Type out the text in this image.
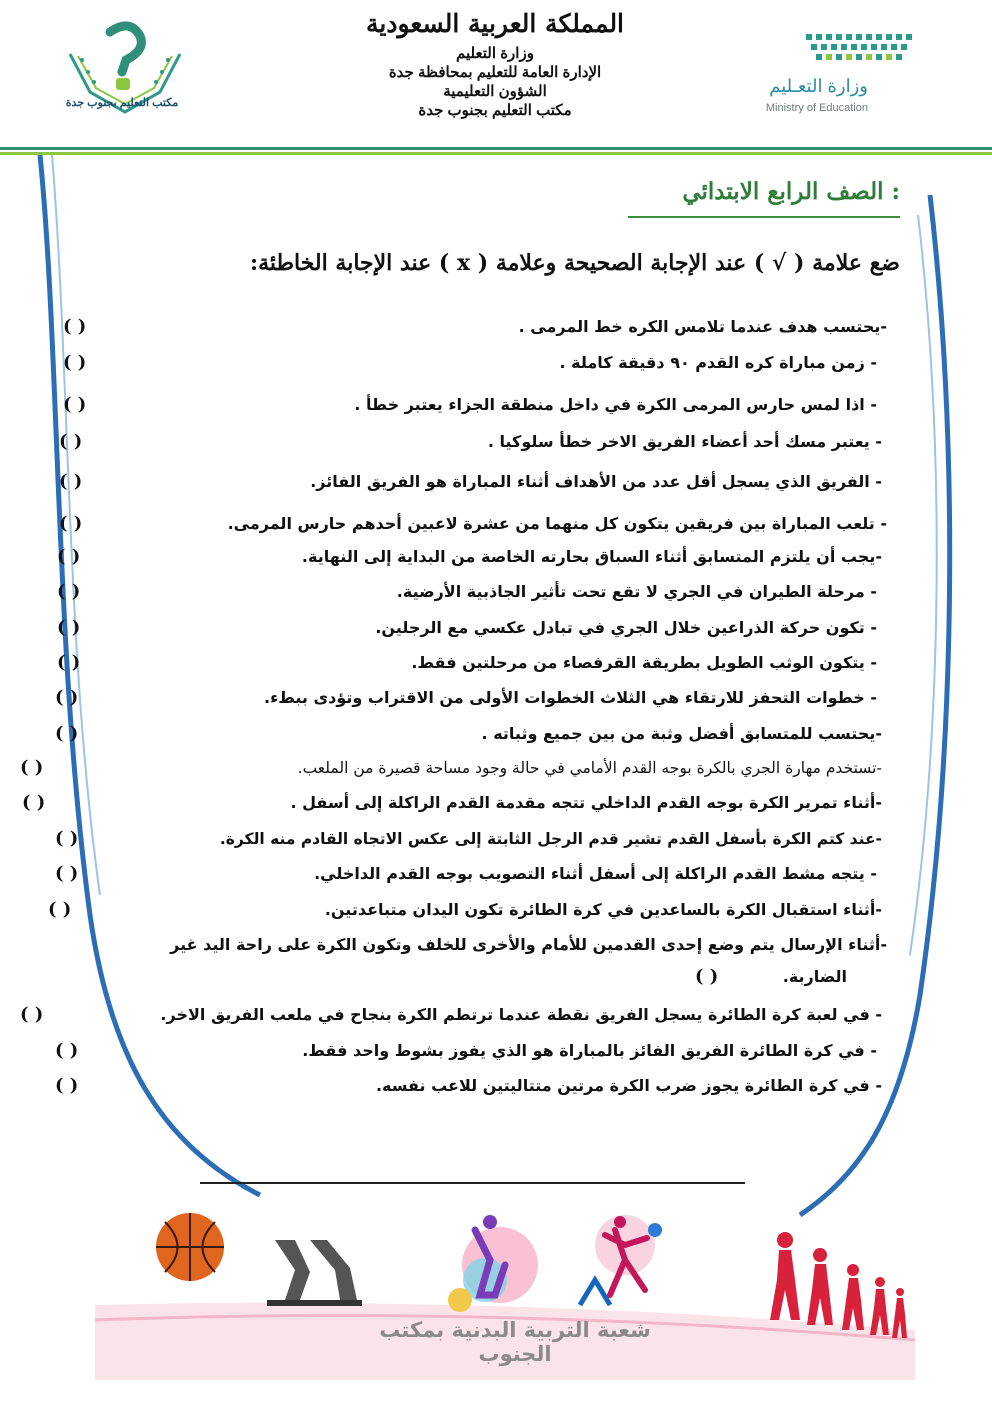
المملكة العربية السعودية
وزارة التعليم
الإدارة العامة للتعليم بمحافظة جدة
الشؤون التعليمية
مكتب التعليم بجنوب جدة
مكتب التعليم بجنوب جدة
وزارة التعـليم
Ministry of Education
الصف الرابع الابتدائي :
ضع علامة ( √ ) عند الإجابة الصحيحة وعلامة ( x ) عند الإجابة الخاطئة:
-يحتسب هدف عندما تلامس الكره خط المرمى .
( )
- زمن مباراة كره القدم ٩٠ دقيقة كاملة .
( )
- اذا لمس حارس المرمى الكرة في داخل منطقة الجزاء يعتبر خطأ .
( )
- يعتبر مسك أحد أعضاء الفريق الاخر خطأ سلوكيا .
( )
- الفريق الذي يسجل أقل عدد من الأهداف أثناء المباراة هو الفريق الفائز.
( )
- تلعب المباراة بين فريقين يتكون كل منهما من عشرة لاعبين أحدهم حارس المرمى.
( )
-يجب أن يلتزم المتسابق أثناء السباق بحارته الخاصة من البداية إلى النهاية.
( )
- مرحلة الطيران في الجري لا تقع تحت تأثير الجاذبية الأرضية.
( )
- تكون حركة الذراعين خلال الجري في تبادل عكسي مع الرجلين.
( )
- يتكون الوثب الطويل بطريقة القرفصاء من مرحلتين فقط.
( )
- خطوات التحفز للارتقاء هي الثلاث الخطوات الأولى من الاقتراب وتؤدى ببطء.
( )
-يحتسب للمتسابق أفضل وثبة من بين جميع وثباته .
( )
-تستخدم مهارة الجري بالكرة بوجه القدم الأمامي في حالة وجود مساحة قصيرة من الملعب.
( )
-أثناء تمرير الكرة بوجه القدم الداخلي تتجه مقدمة القدم الراكلة إلى أسفل .
( )
-عند كتم الكرة بأسفل القدم تشير قدم الرجل الثابتة إلى عكس الاتجاه القادم منه الكرة.
( )
- يتجه مشط القدم الراكلة إلى أسفل أثناء التصويب بوجه القدم الداخلي.
( )
-أثناء استقبال الكرة بالساعدين في كرة الطائرة تكون اليدان متباعدتين.
( )
-أثناء الإرسال يتم وضع إحدى القدمين للأمام والأخرى للخلف وتكون الكرة على راحة اليد غير
الضاربة.
( )
- في لعبة كرة الطائرة يسجل الفريق نقطة عندما ترتطم الكرة بنجاح في ملعب الفريق الاخر.
( )
- في كرة الطائرة الفريق الفائز بالمباراة هو الذي يفوز بشوط واحد فقط.
( )
- في كرة الطائرة يجوز ضرب الكرة مرتين متتاليتين للاعب نفسه.
( )
شعبة التربية البدنية بمكتب الجنوب
